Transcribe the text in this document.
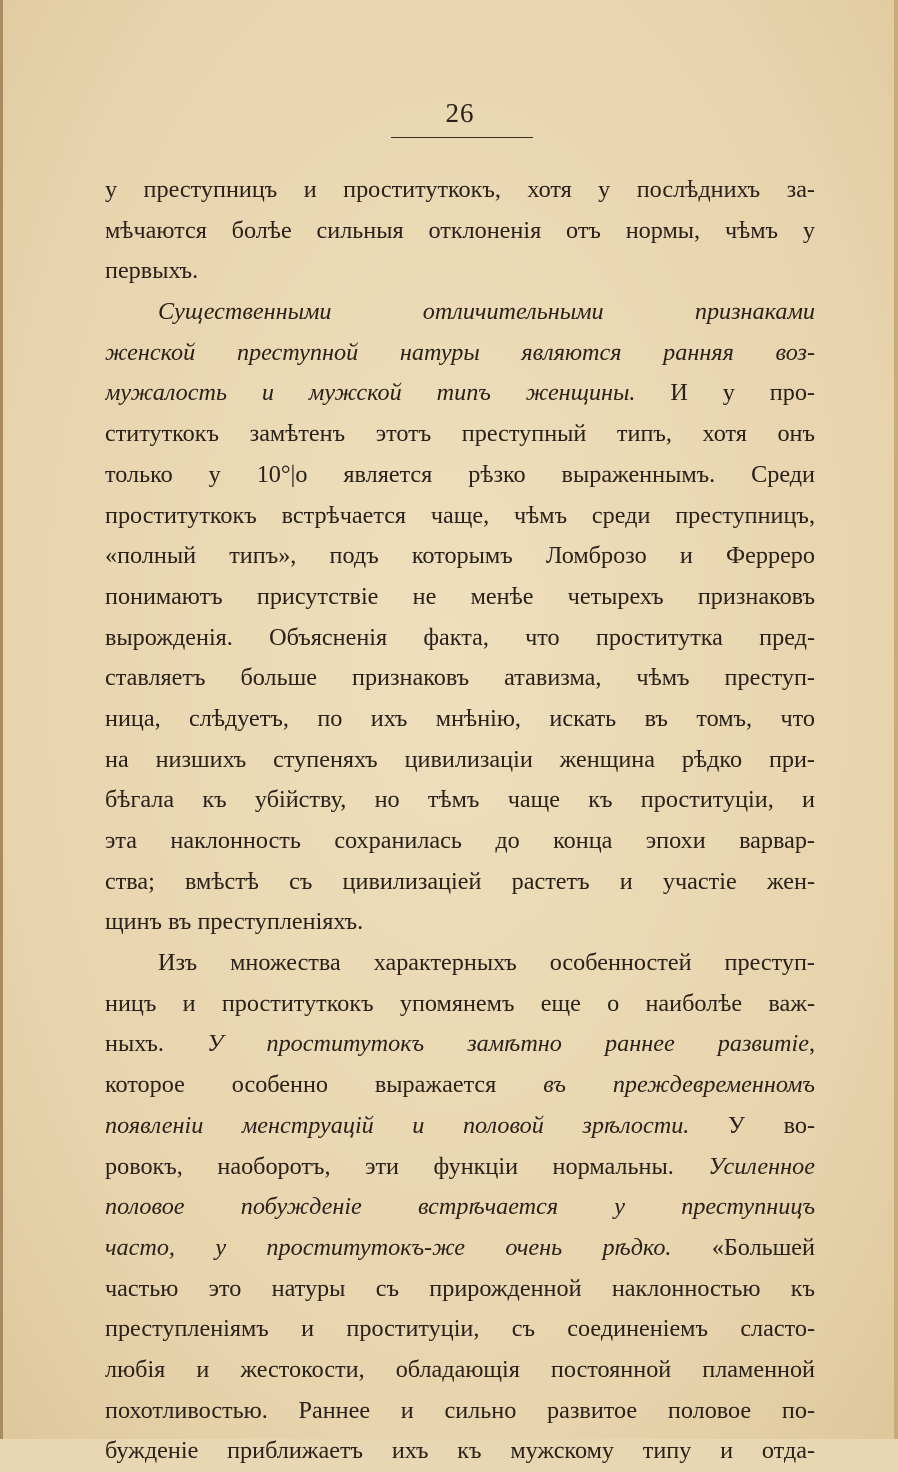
26
у преступницъ и проституткокъ, хотя у послѣднихъ за-
мѣчаются болѣе сильныя отклоненія отъ нормы, чѣмъ у
первыхъ.
Существенными отличительными признаками
женской преступной натуры являются ранняя воз-
мужалость и мужской типъ женщины. И у про-
ституткокъ замѣтенъ этотъ преступный типъ, хотя онъ
только у 10°|о является рѣзко выраженнымъ. Среди
проституткокъ встрѣчается чаще, чѣмъ среди преступницъ,
«полный типъ», подъ которымъ Ломброзо и Ферреро
понимаютъ присутствіе не менѣе четырехъ признаковъ
вырожденія. Объясненія факта, что проститутка пред-
ставляетъ больше признаковъ атавизма, чѣмъ преступ-
ница, слѣдуетъ, по ихъ мнѣнію, искать въ томъ, что
на низшихъ ступеняхъ цивилизаціи женщина рѣдко при-
бѣгала къ убійству, но тѣмъ чаще къ проституціи, и
эта наклонность сохранилась до конца эпохи варвар-
ства; вмѣстѣ съ цивилизаціей растетъ и участіе жен-
щинъ въ преступленіяхъ.
Изъ множества характерныхъ особенностей преступ-
ницъ и проституткокъ упомянемъ еще о наиболѣе важ-
ныхъ. У проститутокъ замѣтно раннее развитіе,
которое особенно выражается въ преждевременномъ
появленіи менструацій и половой зрѣлости. У во-
ровокъ, наоборотъ, эти функціи нормальны. Усиленное
половое побужденіе встрѣчается у преступницъ
часто, у проститутокъ-же очень рѣдко. «Большей
частью это натуры съ прирожденной наклонностью къ
преступленіямъ и проституціи, съ соединеніемъ сласто-
любія и жестокости, обладающія постоянной пламенной
похотливостью. Раннее и сильно развитое половое по-
бужденіе приближаетъ ихъ къ мужскому типу и отда-
